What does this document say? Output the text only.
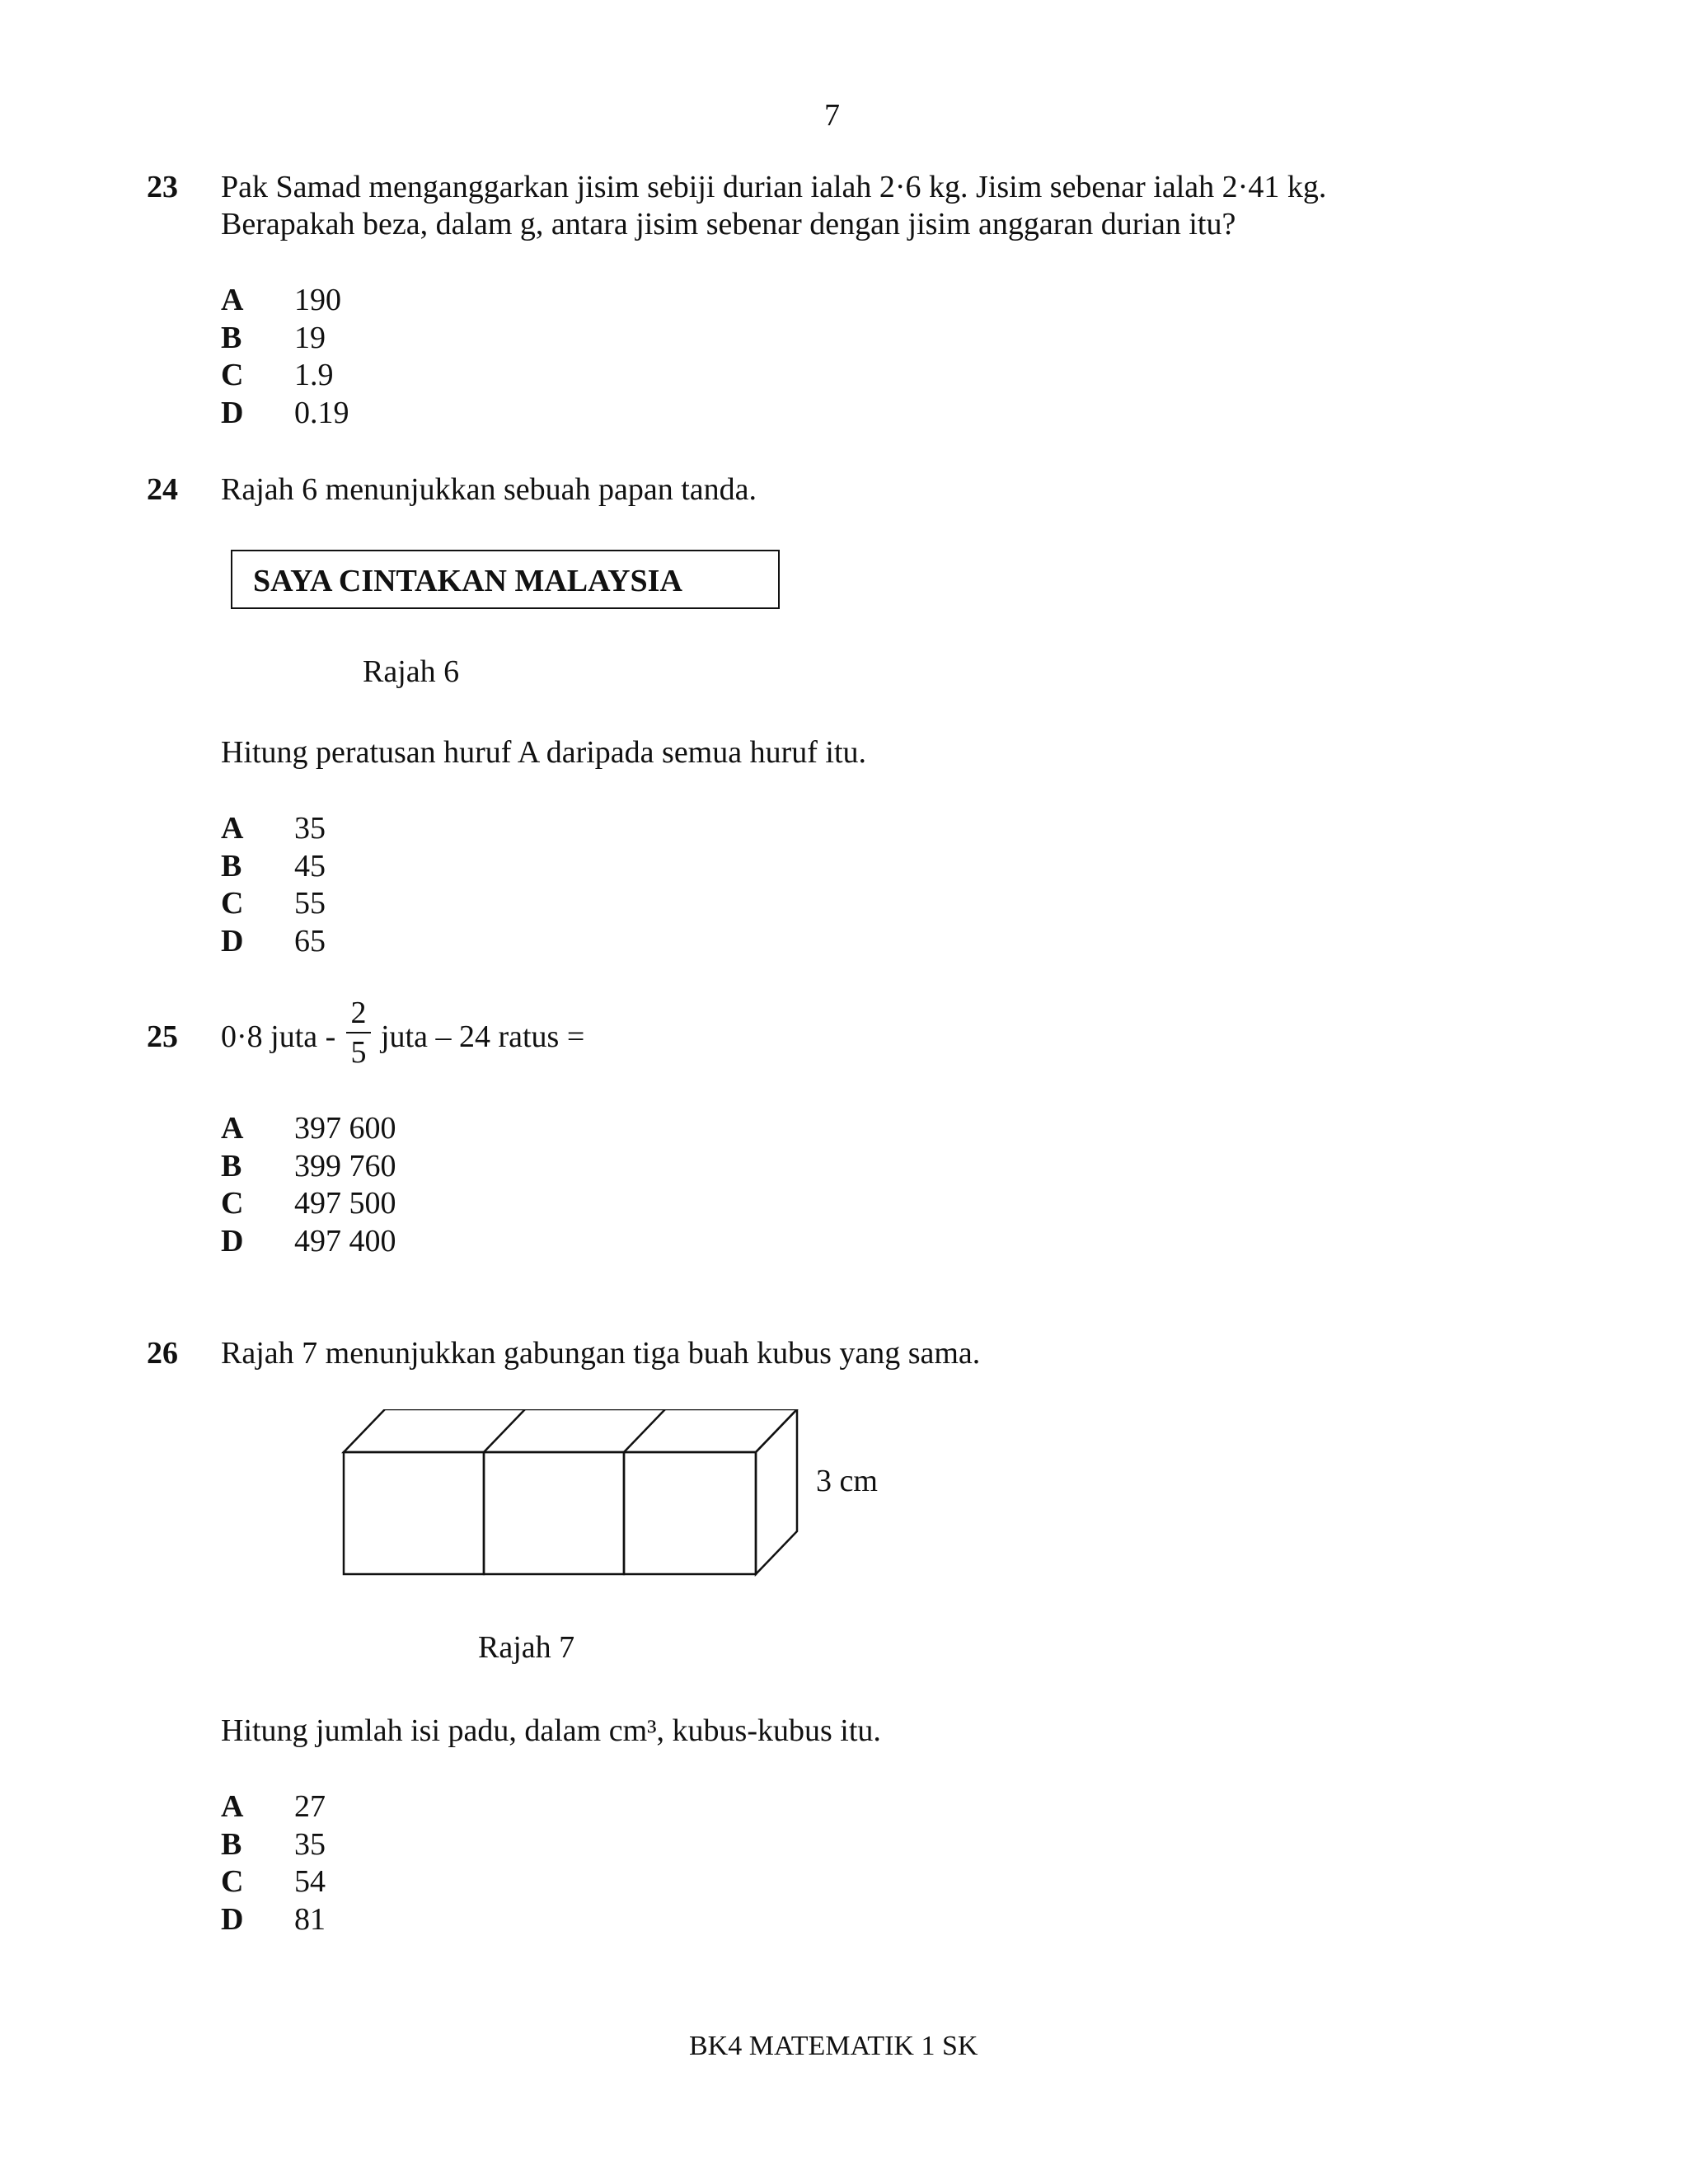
7
23 Pak Samad menganggarkan jisim sebiji durian ialah 2·6 kg. Jisim sebenar ialah 2·41 kg.
Berapakah beza, dalam g, antara jisim sebenar dengan jisim anggaran durian itu?
A 190
B 19
C 1.9
D 0.19
24 Rajah 6 menunjukkan sebuah papan tanda.
SAYA CINTAKAN MALAYSIA
Rajah 6
Hitung peratusan huruf A daripada semua huruf itu.
A 35
B 45
C 55
D 65
25 0·8 juta -
2
5 juta – 24 ratus =
A 397 600
B 399 760
C 497 500
D 497 400
26 Rajah 7 menunjukkan gabungan tiga buah kubus yang sama.
3 cm
Rajah 7
Hitung jumlah isi padu, dalam cm³, kubus-kubus itu.
A 27
B 35
C 54
D 81
BK4 MATEMATIK 1 SK
